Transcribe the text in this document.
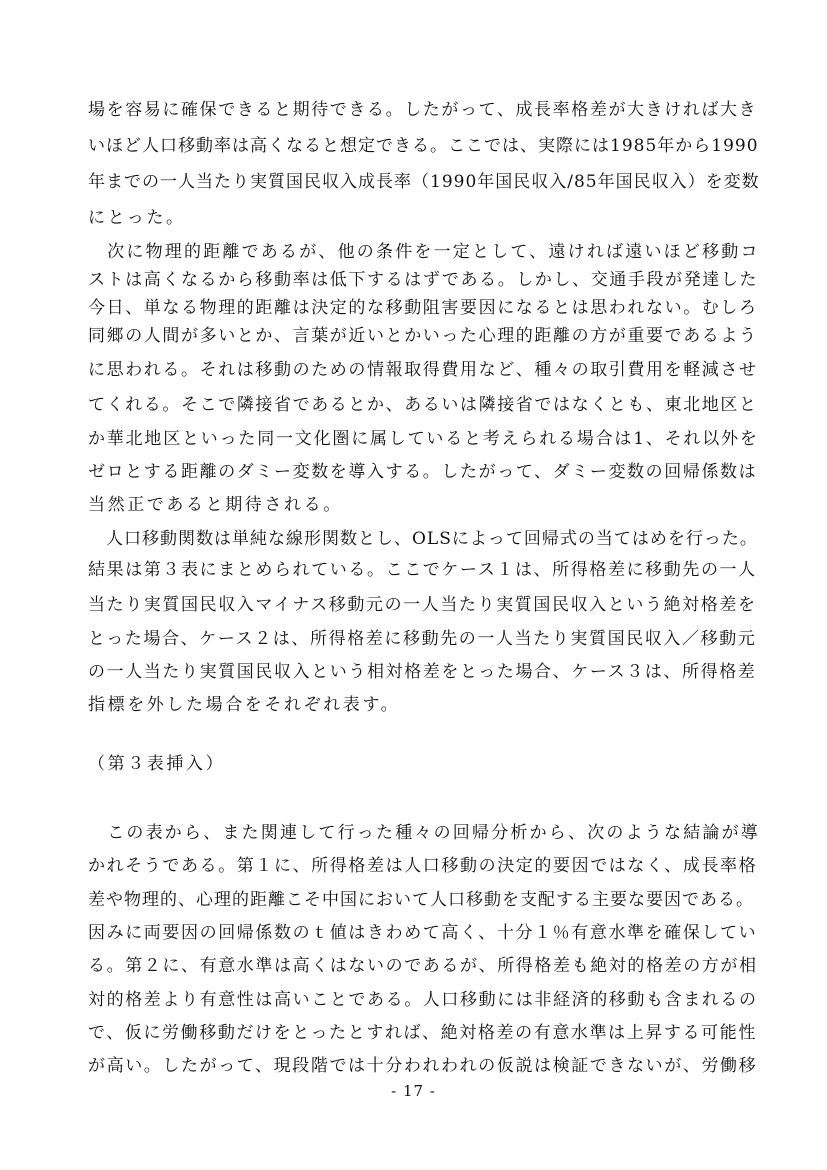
場を容易に確保できると期待できる。したがって、成長率格差が大きければ大き
いほど人口移動率は高くなると想定できる。ここでは、実際には1985年から1990
年までの一人当たり実質国民収入成長率（1990年国民収入/85年国民収入）を変数
にとった。
　次に物理的距離であるが、他の条件を一定として、遠ければ遠いほど移動コ
ストは高くなるから移動率は低下するはずである。しかし、交通手段が発達した
今日、単なる物理的距離は決定的な移動阻害要因になるとは思われない。むしろ
同郷の人間が多いとか、言葉が近いとかいった心理的距離の方が重要であるよう
に思われる。それは移動のための情報取得費用など、種々の取引費用を軽減させ
てくれる。そこで隣接省であるとか、あるいは隣接省ではなくとも、東北地区と
か華北地区といった同一文化圏に属していると考えられる場合は1、それ以外を
ゼロとする距離のダミー変数を導入する。したがって、ダミー変数の回帰係数は
当然正であると期待される。
　人口移動関数は単純な線形関数とし、OLSによって回帰式の当てはめを行った。
結果は第３表にまとめられている。ここでケース１は、所得格差に移動先の一人
当たり実質国民収入マイナス移動元の一人当たり実質国民収入という絶対格差を
とった場合、ケース２は、所得格差に移動先の一人当たり実質国民収入／移動元
の一人当たり実質国民収入という相対格差をとった場合、ケース３は、所得格差
指標を外した場合をそれぞれ表す。
（第３表挿入）
　この表から、また関連して行った種々の回帰分析から、次のような結論が導
かれそうである。第１に、所得格差は人口移動の決定的要因ではなく、成長率格
差や物理的、心理的距離こそ中国において人口移動を支配する主要な要因である。
因みに両要因の回帰係数のｔ値はきわめて高く、十分１％有意水準を確保してい
る。第２に、有意水準は高くはないのであるが、所得格差も絶対的格差の方が相
対的格差より有意性は高いことである。人口移動には非経済的移動も含まれるの
で、仮に労働移動だけをとったとすれば、絶対格差の有意水準は上昇する可能性
が高い。したがって、現段階では十分われわれの仮説は検証できないが、労働移
- 17 -
